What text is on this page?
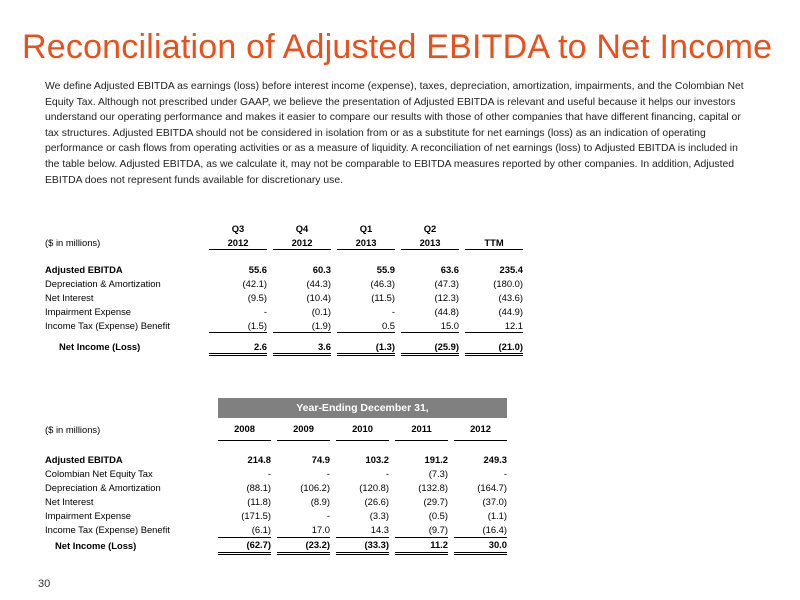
Reconciliation of Adjusted EBITDA to Net Income
We define Adjusted EBITDA as earnings (loss) before interest income (expense), taxes, depreciation, amortization, impairments, and the Colombian Net Equity Tax. Although not prescribed under GAAP, we believe the presentation of Adjusted EBITDA is relevant and useful because it helps our investors understand our operating performance and makes it easier to compare our results with those of other companies that have different financing, capital or tax structures. Adjusted EBITDA should not be considered in isolation from or as a substitute for net earnings (loss) as an indication of operating performance or cash flows from operating activities or as a measure of liquidity. A reconciliation of net earnings (loss) to Adjusted EBITDA is included in the table below. Adjusted EBITDA, as we calculate it, may not be comparable to EBITDA measures reported by other companies. In addition, Adjusted EBITDA does not represent funds available for discretionary use.
	Q3		Q4		Q1		Q2		
($ in millions)	2012		2012		2013		2013		TTM

Adjusted EBITDA	55.6		60.3		55.9		63.6		235.4
Depreciation & Amortization	(42.1)		(44.3)		(46.3)		(47.3)		(180.0)
Net Interest	(9.5)		(10.4)		(11.5)		(12.3)		(43.6)
Impairment Expense	-		(0.1)		-		(44.8)		(44.9)
Income Tax (Expense) Benefit	(1.5)		(1.9)		0.5		15.0		12.1

Net Income (Loss)	2.6		3.6		(1.3)		(25.9)		(21.0)
	Year-Ending December 31,								
($ in millions)	2008		2009		2010		2011		2012

Adjusted EBITDA	214.8		74.9		103.2		191.2		249.3
Colombian Net Equity Tax	-		-		-		(7.3)		-
Depreciation & Amortization	(88.1)		(106.2)		(120.8)		(132.8)		(164.7)
Net Interest	(11.8)		(8.9)		(26.6)		(29.7)		(37.0)
Impairment Expense	(171.5)		-		(3.3)		(0.5)		(1.1)
Income Tax (Expense) Benefit	(6.1)		17.0		14.3		(9.7)		(16.4)
Net Income (Loss)	(62.7)		(23.2)		(33.3)		11.2		30.0
30
